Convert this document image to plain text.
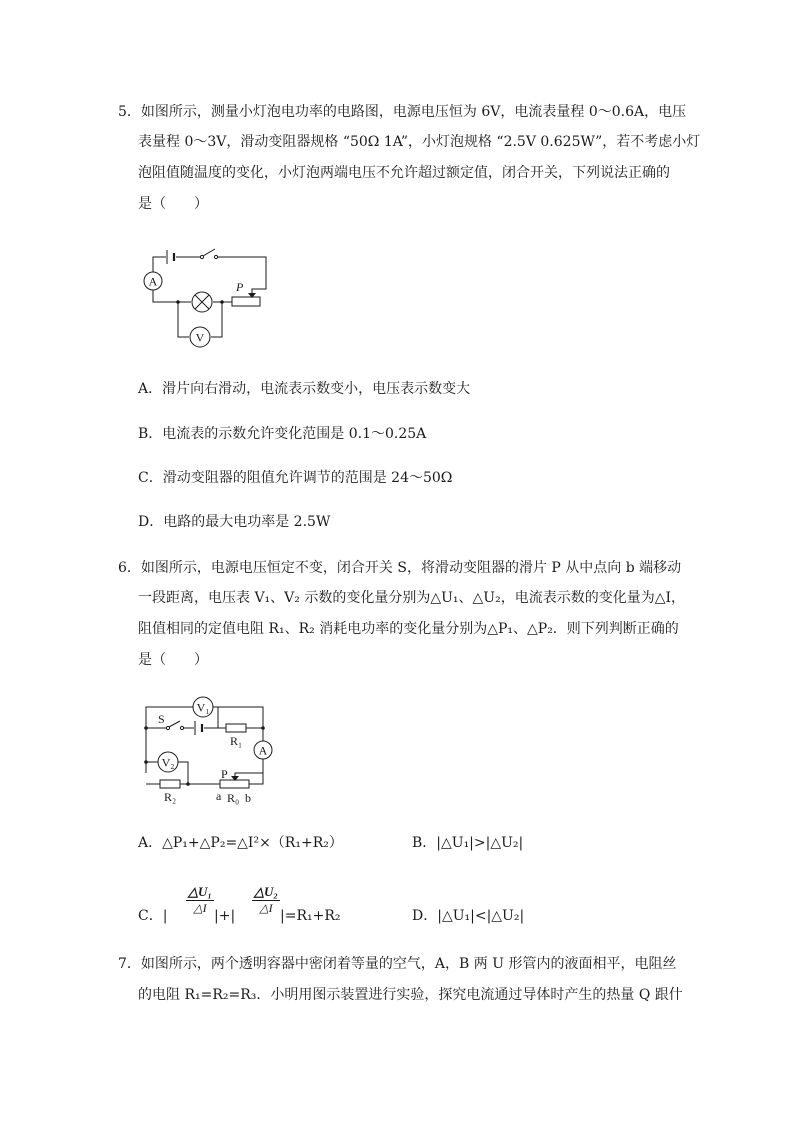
5．如图所示，测量小灯泡电功率的电路图，电源电压恒为 6V，电流表量程 0～0.6A，电压
表量程 0～3V，滑动变阻器规格 “50Ω 1A”，小灯泡规格 “2.5V 0.625W”，若不考虑小灯
泡阻值随温度的变化，小灯泡两端电压不允许超过额定值，闭合开关，下列说法正确的
是（　　）
A
V
P
A．滑片向右滑动，电流表示数变小，电压表示数变大
B．电流表的示数允许变化范围是 0.1～0.25A
C．滑动变阻器的阻值允许调节的范围是 24～50Ω
D．电路的最大电功率是 2.5W
6．如图所示，电源电压恒定不变，闭合开关 S，将滑动变阻器的滑片 P 从中点向 b 端移动
一段距离，电压表 V₁、V₂ 示数的变化量分别为△U₁、△U₂，电流表示数的变化量为△I，
阻值相同的定值电阻 R₁、R₂ 消耗电功率的变化量分别为△P₁、△P₂．则下列判断正确的
是（　　）
V₁
R₁
S
A
V₂
R₂
P
a R₀ b
A．△P₁+△P₂=△I²×（R₁+R₂）	B．|△U₁|>|△U₂|
C．| $\frac{\text{△U₁}}{\triangle I}$ |+| $\frac{\text{△U₂}}{\triangle I} |=R_1+R_2$	D．|△U₁|<|△U₂|
7．如图所示，两个透明容器中密闭着等量的空气，A，B 两 U 形管内的液面相平，电阻丝
的电阻 R₁=R₂=R₃．小明用图示装置进行实验，探究电流通过导体时产生的热量 Q 跟什
